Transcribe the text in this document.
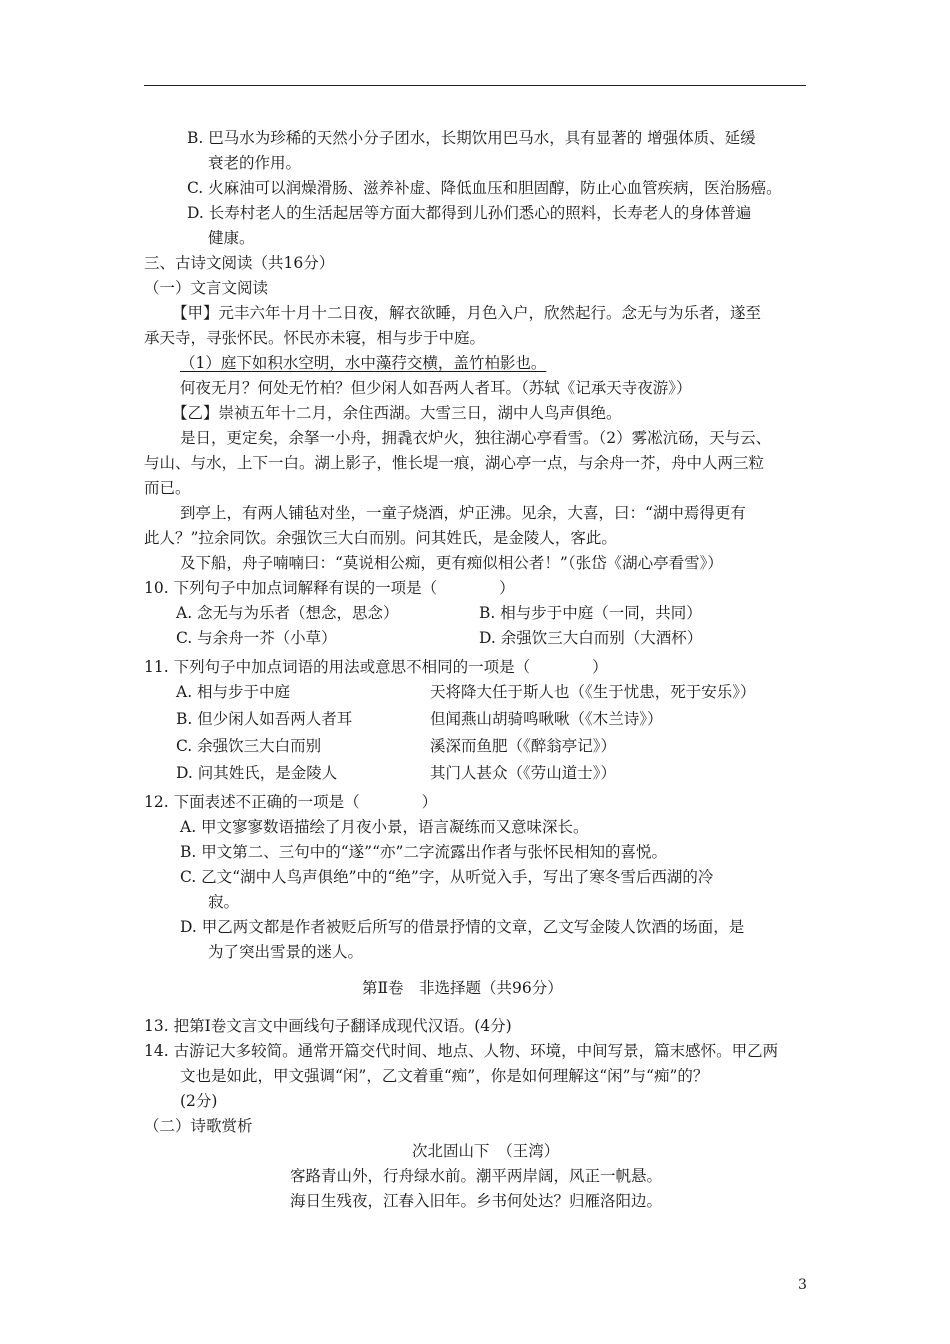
B. 巴马水为珍稀的天然小分子团水，长期饮用巴马水，具有显著的 增强体质、延缓
衰老的作用。
C. 火麻油可以润燥滑肠、滋养补虚、降低血压和胆固醇，防止心血管疾病，医治肠癌。
D. 长寿村老人的生活起居等方面大都得到儿孙们悉心的照料，长寿老人的身体普遍
健康。
三、古诗文阅读（共16分）
（一）文言文阅读
【甲】元丰六年十月十二日夜，解衣欲睡，月色入户，欣然起行。念无与为乐者，遂至
承天寺，寻张怀民。怀民亦未寝，相与步于中庭。
（1）庭下如积水空明，水中藻荇交横，盖竹柏影也。
何夜无月？何处无竹柏？但少闲人如吾两人者耳。（苏轼《记承天寺夜游》）
【乙】崇祯五年十二月，余住西湖。大雪三日，湖中人鸟声俱绝。
是日，更定矣，余拏一小舟，拥毳衣炉火，独往湖心亭看雪。（2）雾凇沆砀，天与云、
与山、与水，上下一白。湖上影子，惟长堤一痕，湖心亭一点，与余舟一芥，舟中人两三粒
而已。
到亭上，有两人铺毡对坐，一童子烧酒，炉正沸。见余，大喜，曰：“湖中焉得更有
此人？”拉余同饮。余强饮三大白而别。问其姓氏，是金陵人，客此。
及下船，舟子喃喃曰：“莫说相公痴，更有痴似相公者！”（张岱《湖心亭看雪》）
10. 下列句子中加点词解释有误的一项是（　　　　）
A. 念无与为乐者（想念，思念）	B. 相与步于中庭（一同，共同）
C. 与余舟一芥（小草）	D. 余强饮三大白而别（大酒杯）
11. 下列句子中加点词语的用法或意思不相同的一项是（　　　　）
A. 相与步于中庭	天将降大任于斯人也（《生于忧患，死于安乐》）
B. 但少闲人如吾两人者耳	但闻燕山胡骑鸣啾啾（《木兰诗》）
C. 余强饮三大白而别	溪深而鱼肥（《醉翁亭记》）
D. 问其姓氏，是金陵人	其门人甚众（《劳山道士》）
12. 下面表述不正确的一项是（　　　　）
A. 甲文寥寥数语描绘了月夜小景，语言凝练而又意味深长。
B. 甲文第二、三句中的“遂”“亦”二字流露出作者与张怀民相知的喜悦。
C. 乙文“湖中人鸟声俱绝”中的“绝”字，从听觉入手，写出了寒冬雪后西湖的冷
寂。
D. 甲乙两文都是作者被贬后所写的借景抒情的文章，乙文写金陵人饮酒的场面，是
为了突出雪景的迷人。
第Ⅱ卷　非选择题（共96分）
13. 把第Ⅰ卷文言文中画线句子翻译成现代汉语。(4分)
14. 古游记大多较简。通常开篇交代时间、地点、人物、环境，中间写景，篇末感怀。甲乙两
文也是如此，甲文强调“闲”，乙文着重“痴”，你是如何理解这“闲”与“痴”的？
(2分)
（二）诗歌赏析
次北固山下　（王湾）
客路青山外，行舟绿水前。潮平两岸阔，风正一帆悬。
海日生残夜，江春入旧年。乡书何处达？归雁洛阳边。
3
